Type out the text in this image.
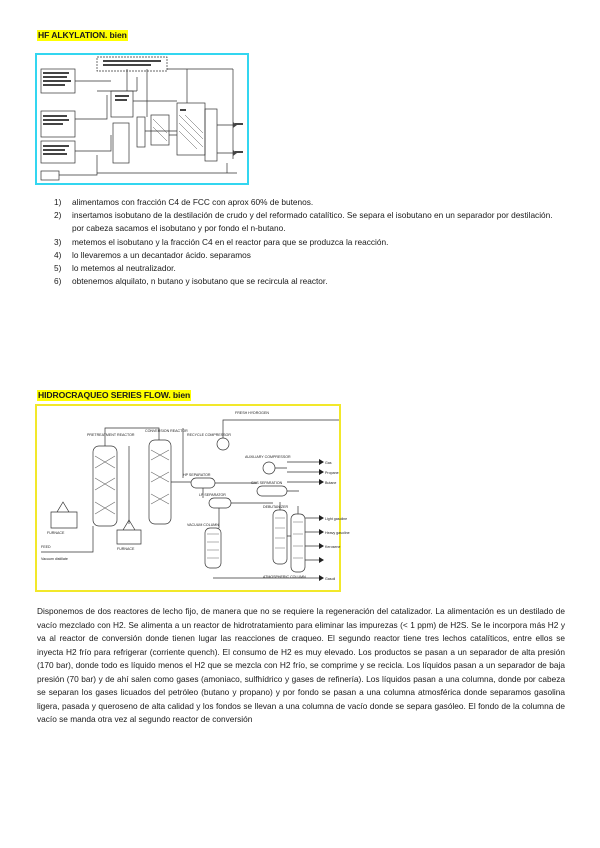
HF ALKYLATION. bien
1) alimentamos con fracción C4 de FCC con aprox 60% de butenos.
2) insertamos isobutano de la destilación de crudo y del reformado catalítico. Se separa el isobutano en un separador por destilación. por cabeza sacamos el isobutano y por fondo el n-butano.
3) metemos el isobutano y la fracción C4 en el reactor para que se produzca la reacción.
4) lo llevaremos a un decantador ácido. separamos
5) lo metemos al neutralizador.
6) obtenemos alquilato, n butano y isobutano que se recircula al reactor.
HIDROCRAQUEO SERIES FLOW. bien
FRESH HYDROGEN
PRETREATMENT REACTOR
CONVERSION REACTOR
RECYCLE COMPRESSOR
AUXILIARY COMPRESSOR
HP SEPARATOR
LP SEPARATOR
GAS SEPARATION
DEBUTANIZER
VACUUM COLUMN
ATMOSPHERIC COLUMN
FURNACE
FURNACE
FEED
Vacuum distillate
Gas
Propane
Butane
Light gasoline
Heavy gasoline
Kerosene
Gasoil

Disponemos de dos reactores de lecho fijo, de manera que no se requiere la regeneración del catalizador. La alimentación es un destilado de vacío mezclado con H2. Se alimenta a un reactor de hidrotratamiento para eliminar las impurezas (< 1 ppm) de H2S. Se le incorpora más H2 y va al reactor de conversión donde tienen lugar las reacciones de craqueo. El segundo reactor tiene tres lechos catalíticos, entre ellos se inyecta H2 frío para refrigerar (corriente quench). El consumo de H2 es muy elevado. Los productos se pasan a un separador de alta presión (170 bar), donde todo es líquido menos el H2 que se mezcla con H2 frío, se comprime y se recicla. Los líquidos pasan a un separador de baja presión (70 bar) y de ahí salen como gases (amoniaco, sulfhídrico y gases de refinería). Los líquidos pasan a una columna, donde por cabeza se separan los gases licuados del petróleo (butano y propano) y por fondo se pasan a una columna atmosférica donde separamos gasolina ligera, pasada y queroseno de alta calidad y los fondos se llevan a una columna de vacío donde se separa gasóleo. El fondo de la columna de vacío se manda otra vez al segundo reactor de conversión
